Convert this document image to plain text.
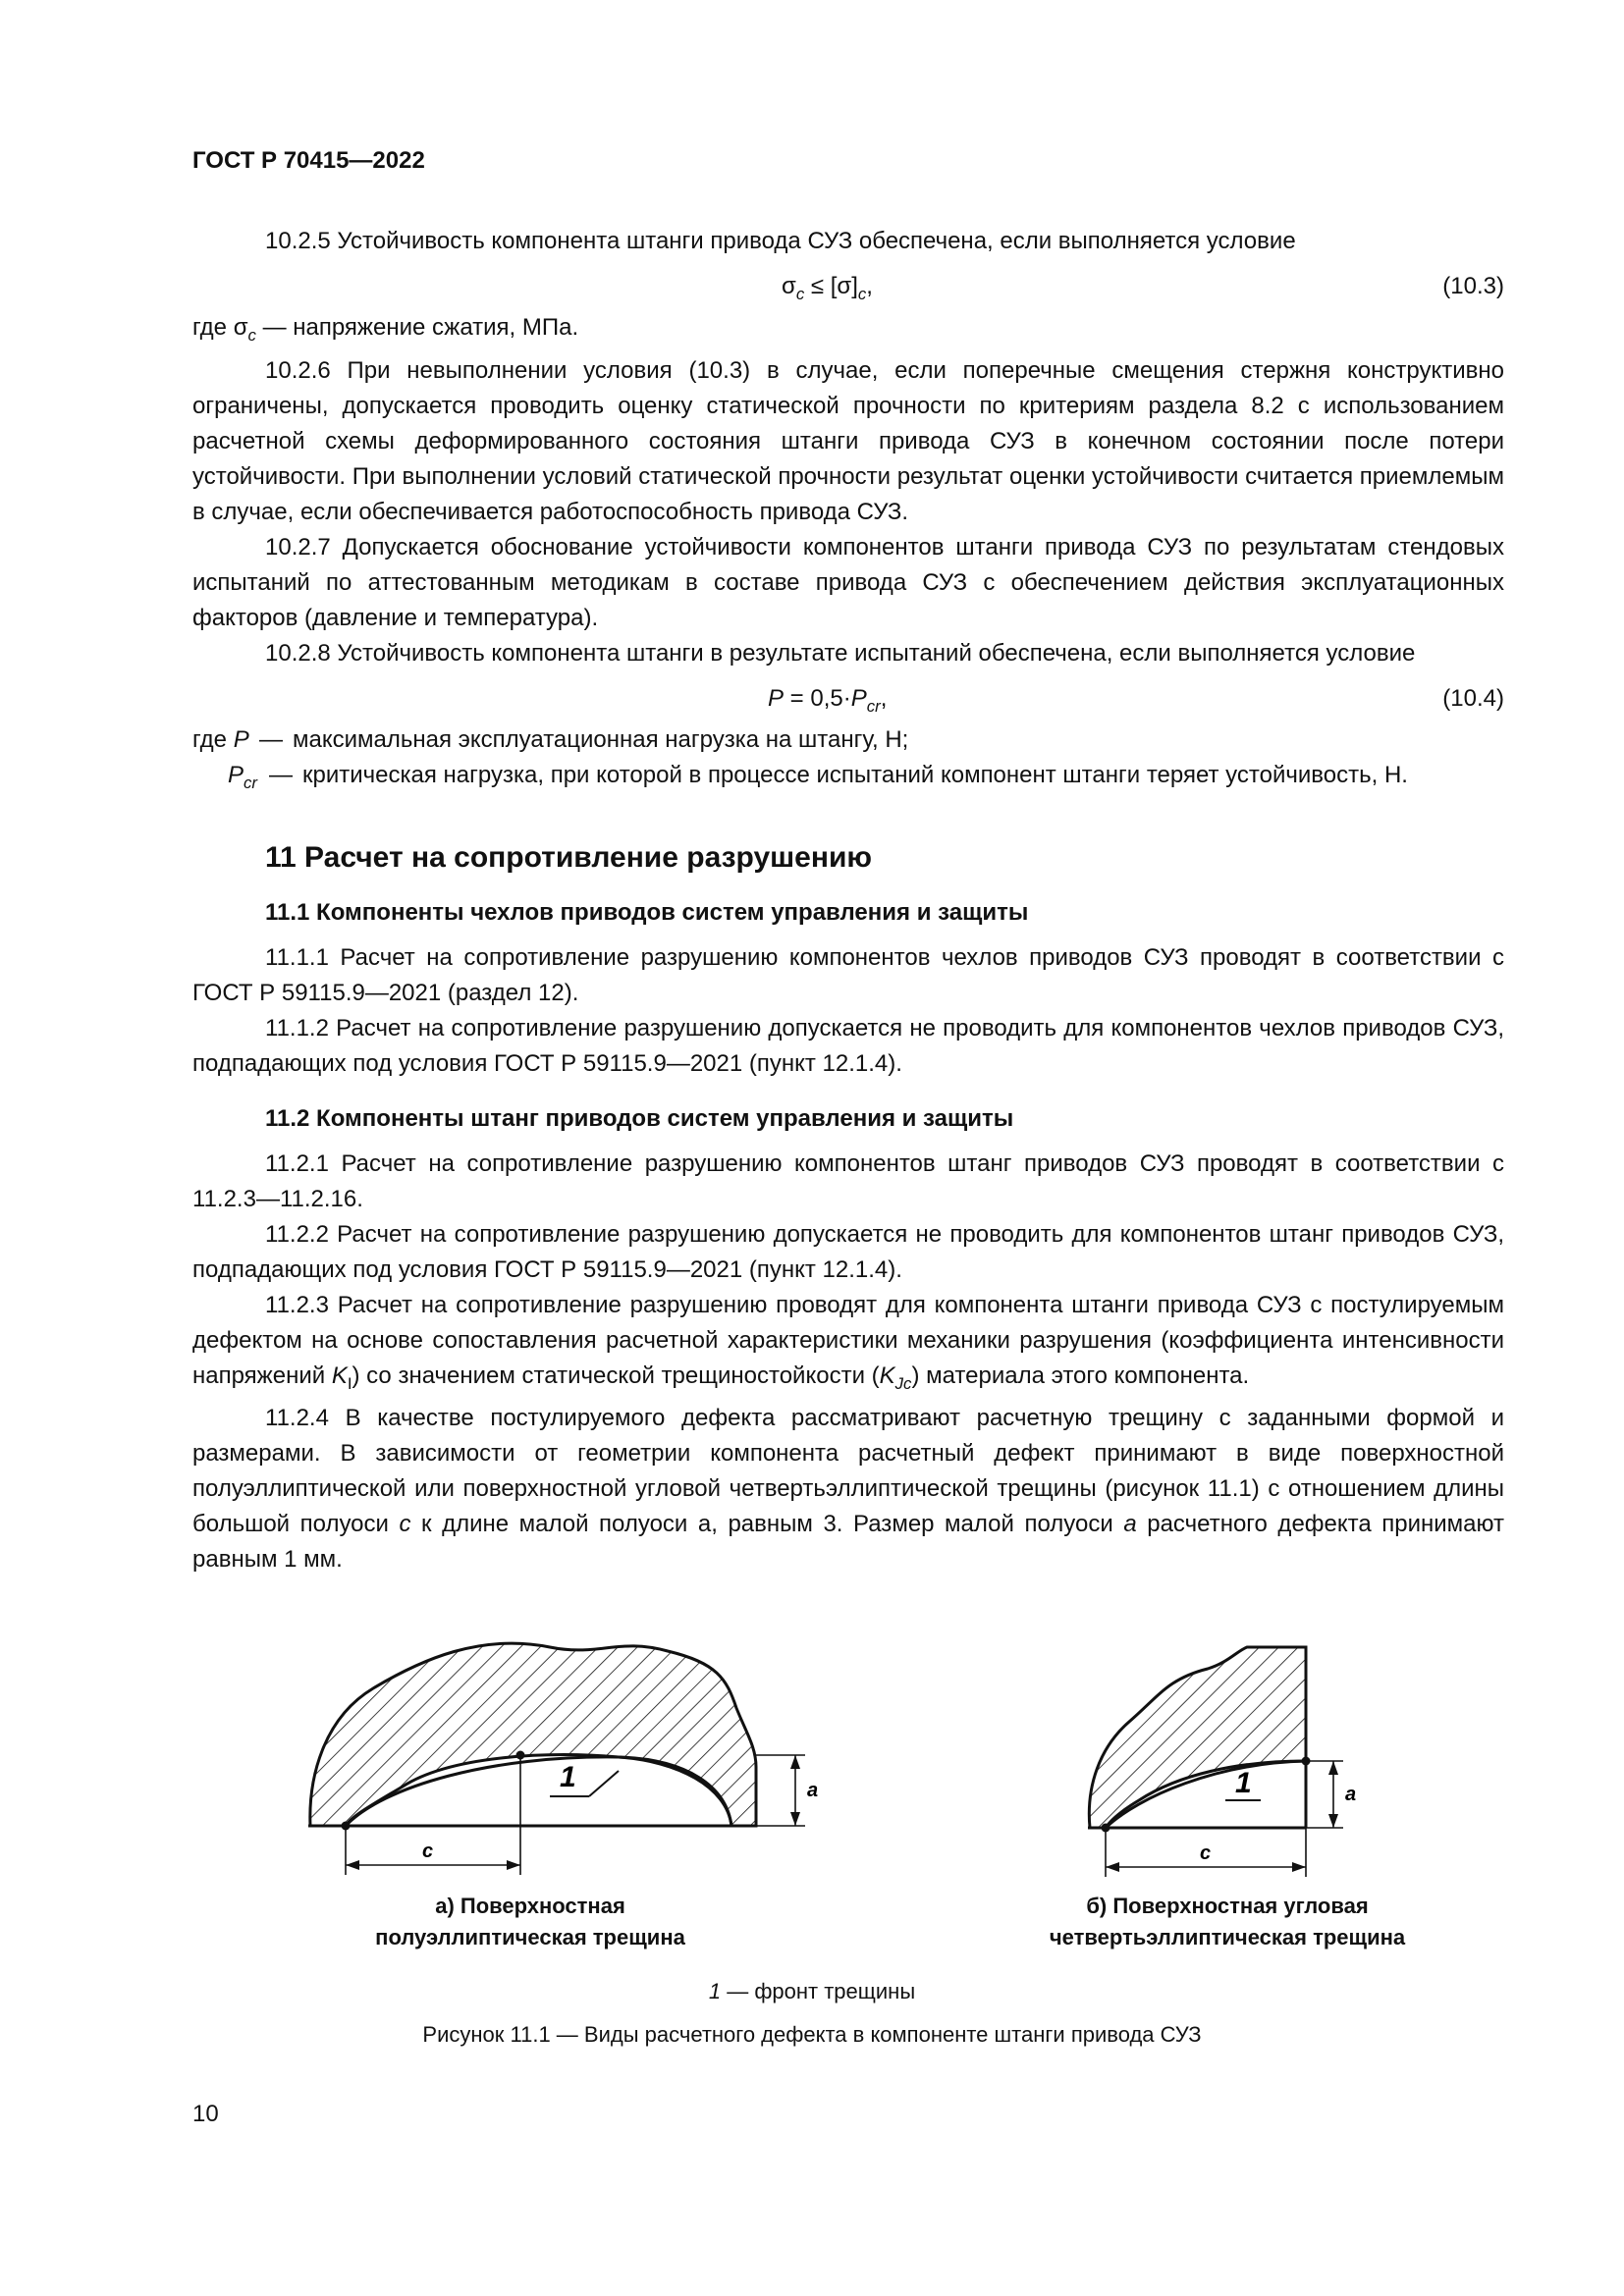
ГОСТ Р 70415—2022

10.2.5 Устойчивость компонента штанги привода СУЗ обеспечена, если выполняется условие

$\sigma_c \le [\sigma]_c$,	(10.3)

где $\sigma_c$ — напряжение сжатия, МПа.

10.2.6 При невыполнении условия (10.3) в случае, если поперечные смещения стержня конструктивно ограничены, допускается проводить оценку статической прочности по критериям раздела 8.2 с использованием расчетной схемы деформированного состояния штанги привода СУЗ в конечном состоянии после потери устойчивости. При выполнении условий статической прочности результат оценки устойчивости считается приемлемым в случае, если обеспечивается работоспособность привода СУЗ.

10.2.7 Допускается обоснование устойчивости компонентов штанги привода СУЗ по результатам стендовых испытаний по аттестованным методикам в составе привода СУЗ с обеспечением действия эксплуатационных факторов (давление и температура).

10.2.8 Устойчивость компонента штанги в результате испытаний обеспечена, если выполняется условие

$P = 0,5\cdot P_{cr}$,	(10.4)
где P — максимальная эксплуатационная нагрузка на штангу, Н;
$P_{cr}$ — критическая нагрузка, при которой в процессе испытаний компонент штанги теряет устойчивость, Н.
11 Расчет на сопротивление разрушению
11.1 Компоненты чехлов приводов систем управления и защиты

11.1.1 Расчет на сопротивление разрушению компонентов чехлов приводов СУЗ проводят в соответствии с ГОСТ Р 59115.9—2021 (раздел 12).

11.1.2 Расчет на сопротивление разрушению допускается не проводить для компонентов чехлов приводов СУЗ, подпадающих под условия ГОСТ Р 59115.9—2021 (пункт 12.1.4).

11.2 Компоненты штанг приводов систем управления и защиты

11.2.1 Расчет на сопротивление разрушению компонентов штанг приводов СУЗ проводят в соответствии с 11.2.3—11.2.16.

11.2.2 Расчет на сопротивление разрушению допускается не проводить для компонентов штанг приводов СУЗ, подпадающих под условия ГОСТ Р 59115.9—2021 (пункт 12.1.4).

11.2.3 Расчет на сопротивление разрушению проводят для компонента штанги привода СУЗ с постулируемым дефектом на основе сопоставления расчетной характеристики механики разрушения (коэффициента интенсивности напряжений $K_I$) со значением статической трещиностойкости $(K_{Jc})$ материала этого компонента.

11.2.4 В качестве постулируемого дефекта рассматривают расчетную трещину с заданными формой и размерами. В зависимости от геометрии компонента расчетный дефект принимают в виде поверхностной полуэллиптической или поверхностной угловой четвертьэллиптической трещины (рисунок 11.1) с отношением длины большой полуоси c к длине малой полуоси а, равным 3. Размер малой полуоси a расчетного дефекта принимают равным 1 мм.

1	a
c
1	a
c
а) Поверхностная
полуэллиптическая трещина
б) Поверхностная угловая
четвертьэллиптическая трещина
1 — фронт трещины
Рисунок 11.1 — Виды расчетного дефекта в компоненте штанги привода СУЗ
10
